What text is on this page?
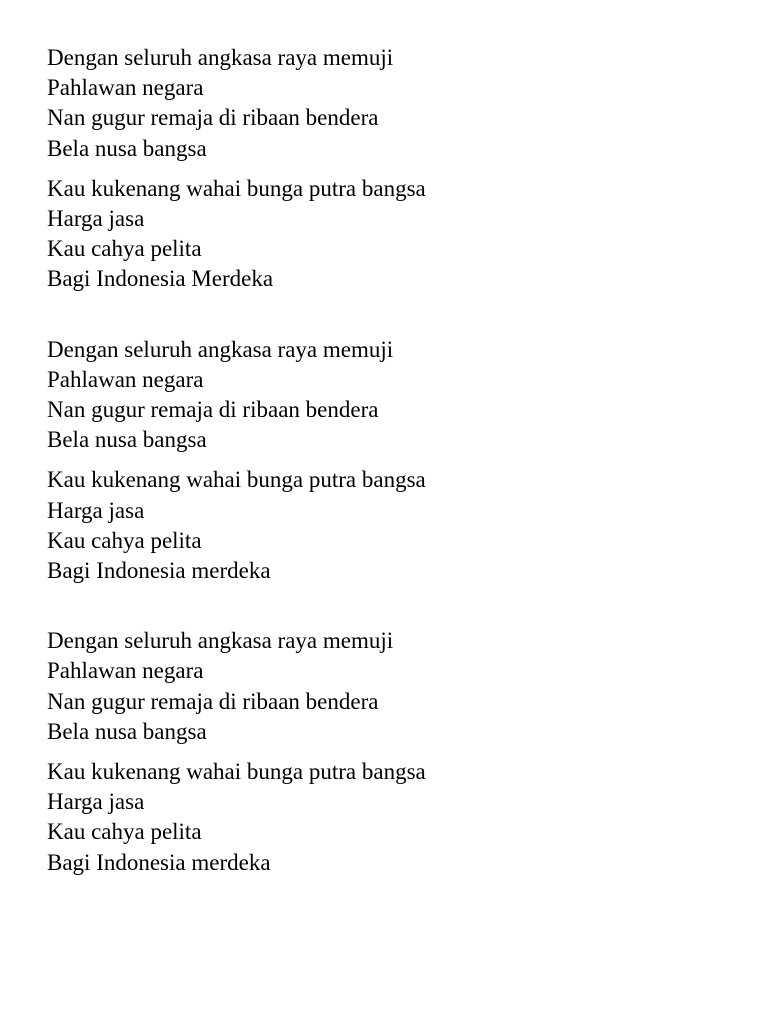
Dengan seluruh angkasa raya memuji
Pahlawan negara
Nan gugur remaja di ribaan bendera
Bela nusa bangsa
Kau kukenang wahai bunga putra bangsa
Harga jasa
Kau cahya pelita
Bagi Indonesia Merdeka
Dengan seluruh angkasa raya memuji
Pahlawan negara
Nan gugur remaja di ribaan bendera
Bela nusa bangsa
Kau kukenang wahai bunga putra bangsa
Harga jasa
Kau cahya pelita
Bagi Indonesia merdeka
Dengan seluruh angkasa raya memuji
Pahlawan negara
Nan gugur remaja di ribaan bendera
Bela nusa bangsa
Kau kukenang wahai bunga putra bangsa
Harga jasa
Kau cahya pelita
Bagi Indonesia merdeka
